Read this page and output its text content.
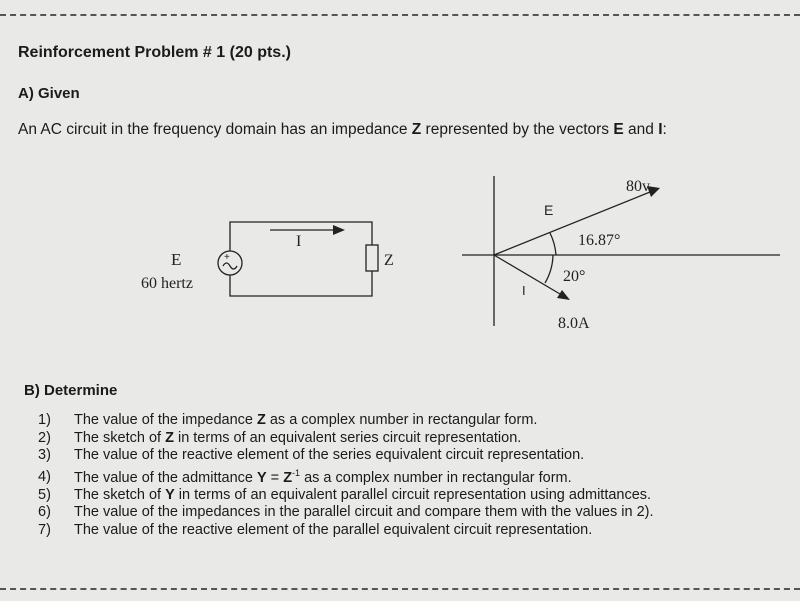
Reinforcement Problem # 1 (20 pts.)
A) Given
An AC circuit in the frequency domain has an impedance Z represented by the vectors E and I:
+
E
60 hertz
I
Z
80v
E
16.87°
I
20°
8.0A
B) Determine
1) The value of the impedance Z as a complex number in rectangular form.
2) The sketch of Z in terms of an equivalent series circuit representation.
3) The value of the reactive element of the series equivalent circuit representation.
4) The value of the admittance $Y = Z^{-1}$ as a complex number in rectangular form.
5) The sketch of Y in terms of an equivalent parallel circuit representation using admittances.
6) The value of the impedances in the parallel circuit and compare them with the values in 2).
7) The value of the reactive element of the parallel equivalent circuit representation.
